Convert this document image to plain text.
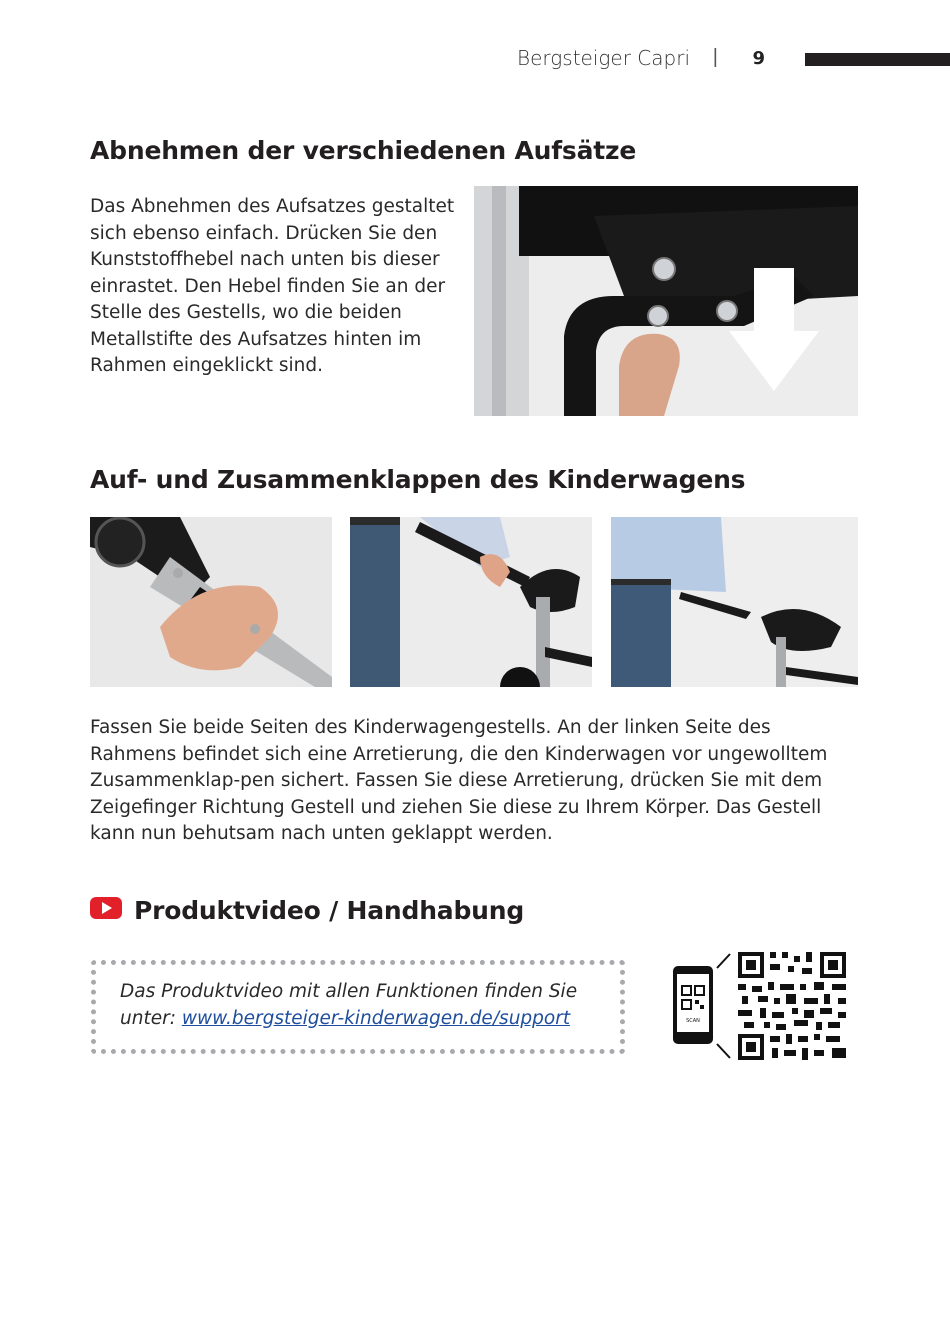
Bergsteiger Capri | 9
Abnehmen der verschiedenen Aufsätze

Das Abnehmen des Aufsatzes gestaltet sich ebenso einfach. Drücken Sie den Kunststoffhebel nach unten bis dieser einrastet. Den Hebel finden Sie an der Stelle des Gestells, wo die beiden Metallstifte des Aufsatzes hinten im Rahmen eingeklickt sind.

Auf- und Zusammenklappen des Kinderwagens

Fassen Sie beide Seiten des Kinderwagengestells. An der linken Seite des Rahmens befindet sich eine Arretierung, die den Kinderwagen vor ungewolltem Zusammenklap-pen sichert. Fassen Sie diese Arretierung, drücken Sie mit dem Zeigefinger Richtung Gestell und ziehen Sie diese zu Ihrem Körper. Das Gestell kann nun behutsam nach unten geklappt werden.

Produktvideo / Handhabung

Das Produktvideo mit allen Funktionen finden Sie unter: www.bergsteiger-kinderwagen.de/support	SCAN
